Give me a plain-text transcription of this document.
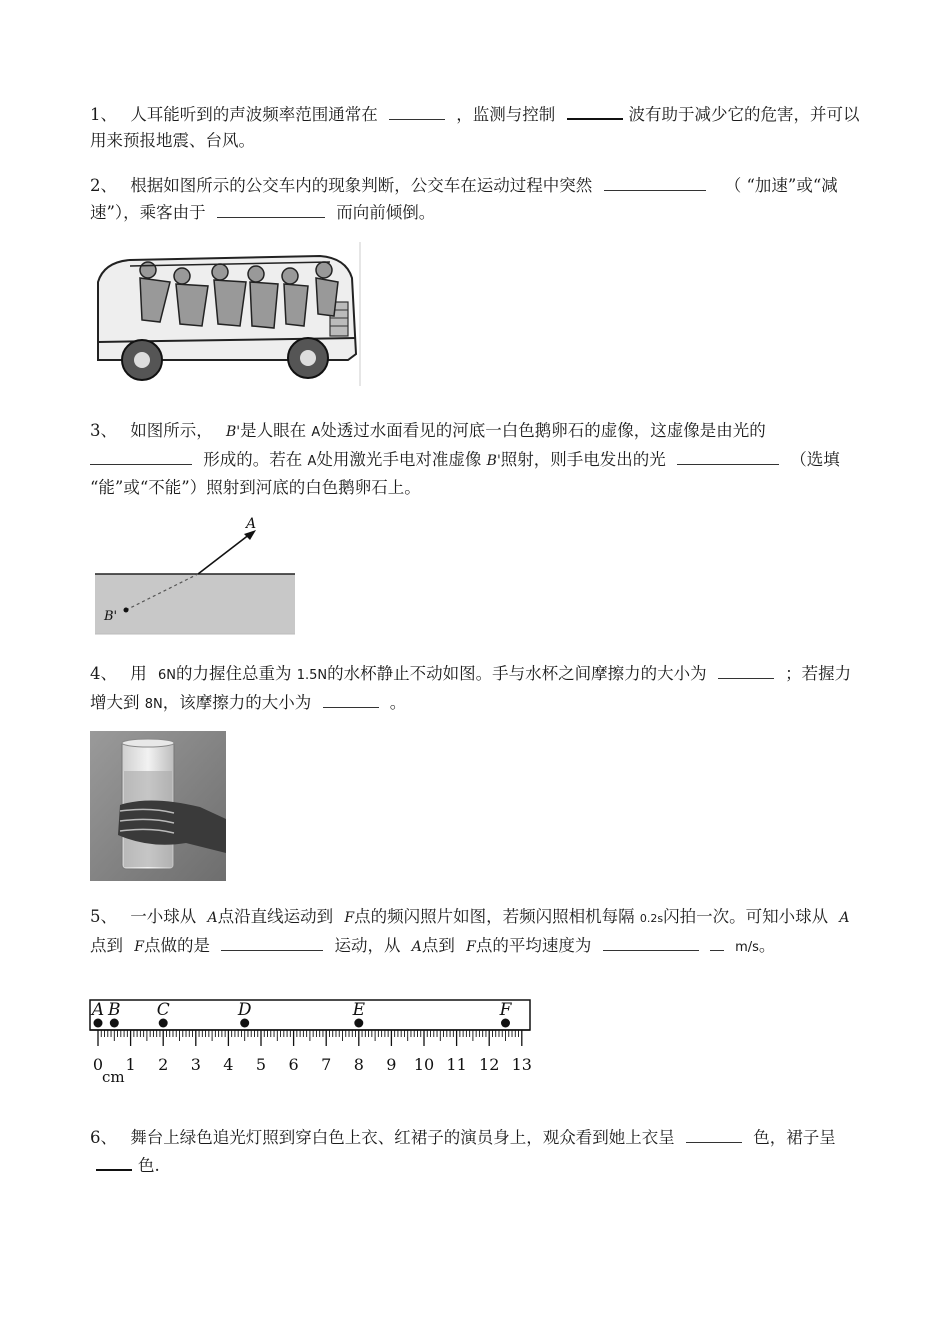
1、 人耳能听到的声波频率范围通常在	，监测与控制	波有助于减少它的危害，并可以用来预报地震、台风。

2、 根据如图所示的公交车内的现象判断，公交车在运动过程中突然	（ “加速”或“减速”），乘客由于	而向前倾倒。

3、 如图所示， B'是人眼在 A处透过水面看见的河底一白色鹅卵石的虚像，这虚像是由光的  形成的。若在 A处用激光手电对准虚像 B'照射，则手电发出的光	（选填 “能”或“不能”）照射到河底的白色鹅卵石上。

A
B'

4、 用 6N的力握住总重为 1.5N的水杯静止不动如图。手与水杯之间摩擦力的大小为	；若握力增大到 8N，该摩擦力的大小为	。

5、 一小球从 A点沿直线运动到 F点的频闪照片如图，若频闪照相机每隔 0.2s闪拍一次。可知小球从 A点到 F点做的是	运动，从 A点到 F点的平均速度为	m/s。

A B C	D	E	F
0 1 2 3 4 5 6 7 8 9 10 11 12 13
cm

6、 舞台上绿色追光灯照到穿白色上衣、红裙子的演员身上，观众看到她上衣呈	色，裙子呈 色.
